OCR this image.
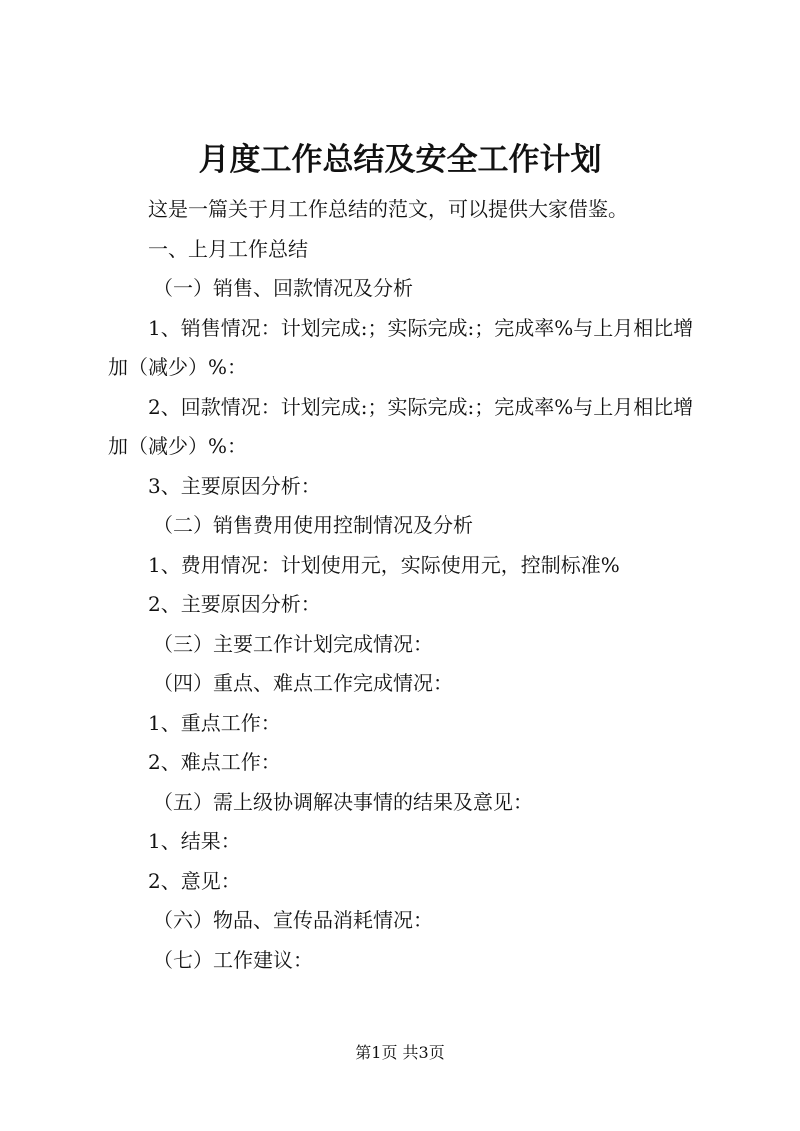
月度工作总结及安全工作计划

这是一篇关于月工作总结的范文，可以提供大家借鉴。

一、上月工作总结

（一）销售、回款情况及分析

1、销售情况：计划完成:；实际完成:；完成率%与上月相比增加（减少）%：

2、回款情况：计划完成:；实际完成:；完成率%与上月相比增加（减少）%：

3、主要原因分析：

（二）销售费用使用控制情况及分析

1、费用情况：计划使用元，实际使用元，控制标准%

2、主要原因分析：

（三）主要工作计划完成情况：

（四）重点、难点工作完成情况：

1、重点工作：

2、难点工作：

（五）需上级协调解决事情的结果及意见：

1、结果：

2、意见：

（六）物品、宣传品消耗情况：

（七）工作建议：

第1页 共3页
